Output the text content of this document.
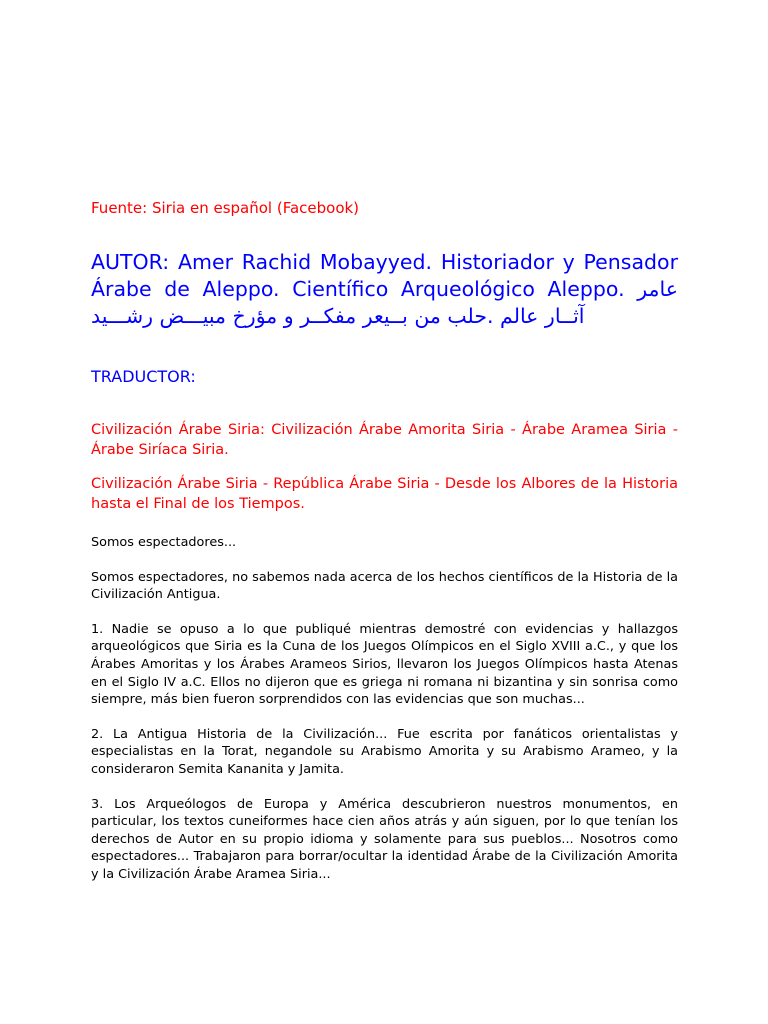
Fuente: Siria en español (Facebook)

AUTOR: Amer Rachid Mobayyed. Historiador y Pensador Árabe de Aleppo. Científico Arqueológico Aleppo. عامر آثــار عالم .حلب من بــيعر مفكــر و مؤرخ مبيـــض رشـــيد

TRADUCTOR:

Civilización Árabe Siria: Civilización Árabe Amorita Siria - Árabe Aramea Siria - Árabe Siríaca Siria.

Civilización Árabe Siria - República Árabe Siria - Desde los Albores de la Historia hasta el Final de los Tiempos.

Somos espectadores...

Somos espectadores, no sabemos nada acerca de los hechos científicos de la Historia de la Civilización Antigua.

1. Nadie se opuso a lo que publiqué mientras demostré con evidencias y hallazgos arqueológicos que Siria es la Cuna de los Juegos Olímpicos en el Siglo XVIII a.C., y que los Árabes Amoritas y los Árabes Arameos Sirios, llevaron los Juegos Olímpicos hasta Atenas en el Siglo IV a.C. Ellos no dijeron que es griega ni romana ni bizantina y sin sonrisa como siempre, más bien fueron sorprendidos con las evidencias que son muchas...

2. La Antigua Historia de la Civilización... Fue escrita por fanáticos orientalistas y especialistas en la Torat, negandole su Arabismo Amorita y su Arabismo Arameo, y la consideraron Semita Kananita y Jamita.

3. Los Arqueólogos de Europa y América descubrieron nuestros monumentos, en particular, los textos cuneiformes hace cien años atrás y aún siguen, por lo que tenían los derechos de Autor en su propio idioma y solamente para sus pueblos... Nosotros como espectadores... Trabajaron para borrar/ocultar la identidad Árabe de la Civilización Amorita y la Civilización Árabe Aramea Siria...
